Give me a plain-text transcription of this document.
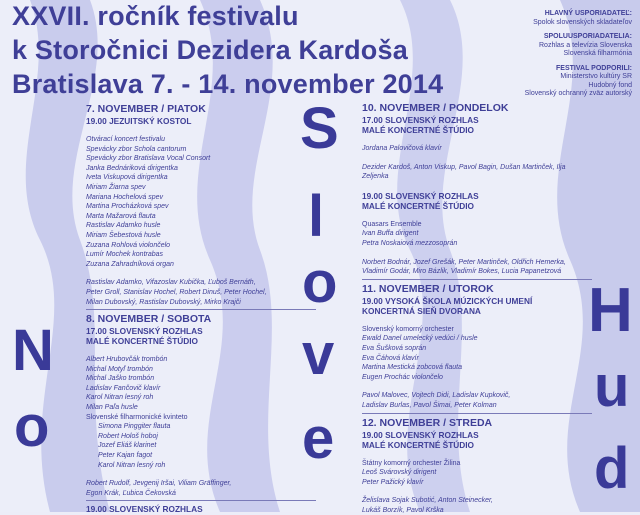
XXVII. ročník festivalu
k Storočnici Dezidera Kardoša
Bratislava 7. - 14. november 2014
HLAVNÝ USPORIADATEĽ:
Spolok slovenských skladateľov
SPOLUUSPORIADATELIA:
Rozhlas a televízia Slovenska
Slovenská filharmónia
FESTIVAL PODPORILI:
Ministerstvo kultúry SR
Hudobný fond
Slovenský ochranný zväz autorský
N
o
S
l
o
v
e
H
u
d
7. NOVEMBER / PIATOK
19.00 JEZUITSKÝ KOSTOL
Otvárací koncert festivalu
Spevácky zbor Schola cantorum
Spevácky zbor Bratislava Vocal Consort
Janka Bednáriková dirigentka
Iveta Viskupová dirigentka
Miriam Žiarna spev
Mariana Hochelová spev
Martina Procházková spev
Marta Mažarová flauta
Rastislav Adamko husle
Miriam Šebestová husle
Zuzana Rohlová violončelo
Lumír Mochek kontrabas
Zuzana Zahradníková organ
Rastislav Adamko, Vifazoslav Kubička, Ľuboš Bernáth,
Peter Groll, Stanislav Hochel, Robert Dinuš, Peter Hochel,
Milan Dubovský, Rastislav Dubovský, Mirko Krajči
8. NOVEMBER / SOBOTA
17.00 SLOVENSKÝ ROZHLAS
MALÉ KONCERTNÉ ŠTÚDIO
Albert Hrubovčák trombón
Michal Motyľ trombón
Michal Jaško trombón
Ladislav Fančovič klavír
Karol Nitran lesný roh
Milan Paľa husle
Slovenské filharmonické kvinteto
Simona Pinggiter flauta
Robert Hološ hoboj
Jozef Eliáš klarinet
Peter Kajan fagot
Karol Nitran lesný roh
Robert Rudolf, Jevgenij Iršai, Viliam Gräffinger,
Egon Krák, Ľubica Čekovská
19.00 SLOVENSKÝ ROZHLAS
10. NOVEMBER / PONDELOK
17.00 SLOVENSKÝ ROZHLAS
MALÉ KONCERTNÉ ŠTÚDIO
Jordana Palovičová klavír
Dezider Kardoš, Anton Viskup, Pavol Bagin, Dušan Martinček, Ilja Zeljenka
19.00 SLOVENSKÝ ROZHLAS
MALÉ KONCERTNÉ ŠTÚDIO
Quasars Ensemble
Ivan Buffa dirigent
Petra Noskaiová mezzosoprán
Norbert Bodnár, Jozef Grešák, Peter Martinček, Oldřich Hemerka,
Vladimír Godár, Miro Bázlik, Vladimír Bokes, Lucia Papanetzová
11. NOVEMBER / UTOROK
19.00 VYSOKÁ ŠKOLA MÚZICKÝCH UMENÍ
KONCERTNÁ SIEŇ DVORANA
Slovenský komorný orchester
Ewald Danel umelecký vedúci / husle
Eva Šušková soprán
Eva Čáhová klavír
Martina Mestická zobcová flauta
Eugen Prochác violončelo
Pavol Malovec, Vojtech Didi, Ladislav Kupkovič,
Ladislav Burlas, Pavol Šimai, Peter Kolman
12. NOVEMBER / STREDA
19.00 SLOVENSKÝ ROZHLAS
MALÉ KONCERTNÉ ŠTÚDIO
Štátny komorný orchester Žilina
Leoš Svárovský dirigent
Peter Pažický klavír
Želislava Sojak Subotić, Anton Steinecker,
Lukáš Borzík, Pavol Krška
